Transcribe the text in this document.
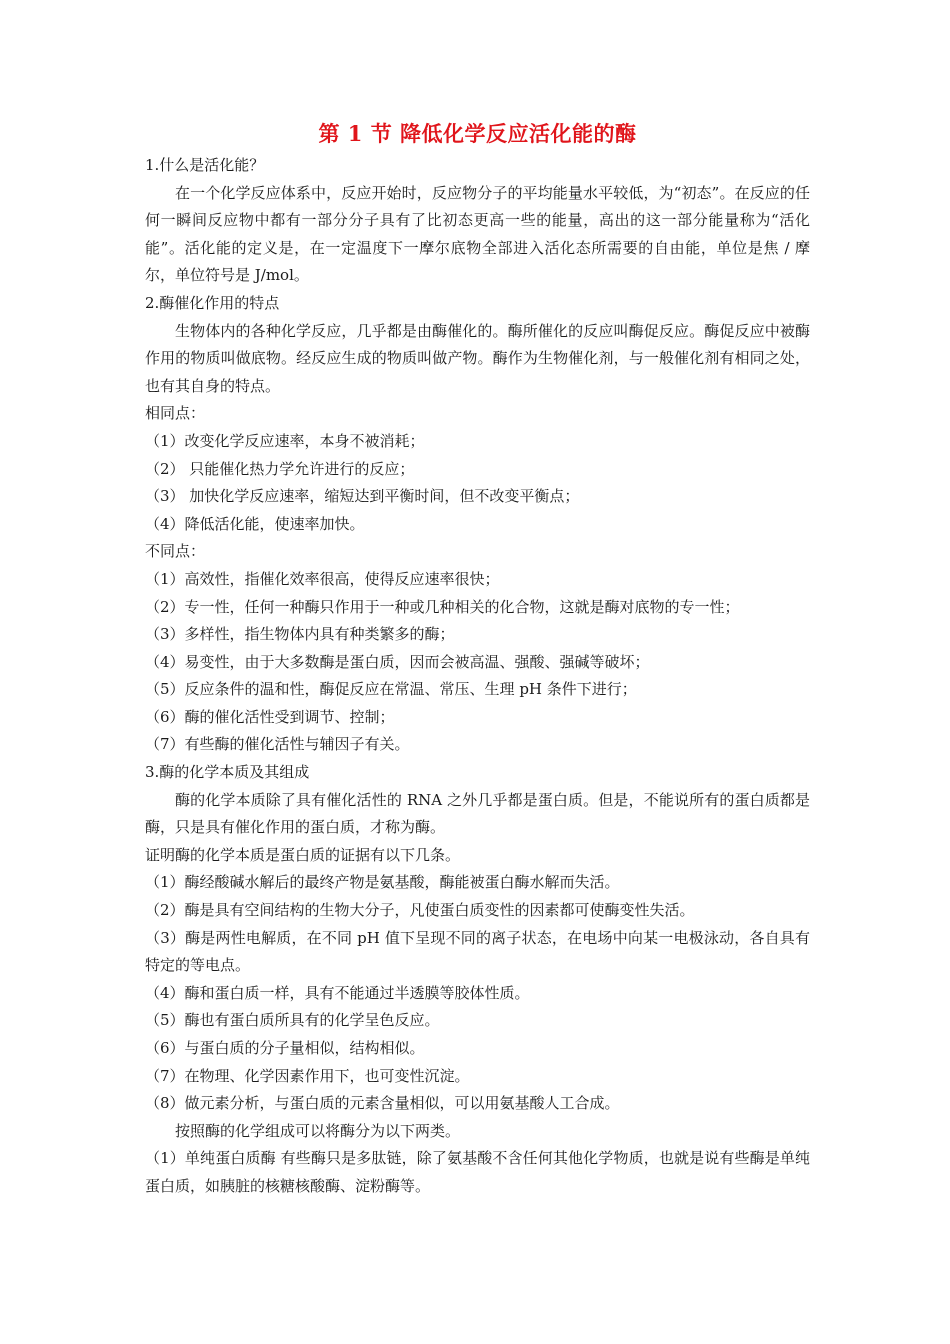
第 1 节 降低化学反应活化能的酶

1.什么是活化能？

在一个化学反应体系中，反应开始时，反应物分子的平均能量水平较低，为“初态”。在反应的任何一瞬间反应物中都有一部分分子具有了比初态更高一些的能量，高出的这一部分能量称为“活化能”。活化能的定义是，在一定温度下一摩尔底物全部进入活化态所需要的自由能，单位是焦 / 摩尔，单位符号是 J/mol。

2.酶催化作用的特点

生物体内的各种化学反应，几乎都是由酶催化的。酶所催化的反应叫酶促反应。酶促反应中被酶作用的物质叫做底物。经反应生成的物质叫做产物。酶作为生物催化剂，与一般催化剂有相同之处，也有其自身的特点。

相同点：

（1）改变化学反应速率，本身不被消耗；

（2） 只能催化热力学允许进行的反应；

（3） 加快化学反应速率，缩短达到平衡时间，但不改变平衡点；

（4）降低活化能，使速率加快。

不同点：

（1）高效性，指催化效率很高，使得反应速率很快；

（2）专一性，任何一种酶只作用于一种或几种相关的化合物，这就是酶对底物的专一性；

（3）多样性，指生物体内具有种类繁多的酶；

（4）易变性，由于大多数酶是蛋白质，因而会被高温、强酸、强碱等破坏；

（5）反应条件的温和性，酶促反应在常温、常压、生理 pH 条件下进行；

（6）酶的催化活性受到调节、控制；

（7）有些酶的催化活性与辅因子有关。

3.酶的化学本质及其组成

酶的化学本质除了具有催化活性的 RNA 之外几乎都是蛋白质。但是，不能说所有的蛋白质都是酶，只是具有催化作用的蛋白质，才称为酶。

证明酶的化学本质是蛋白质的证据有以下几条。

（1）酶经酸碱水解后的最终产物是氨基酸，酶能被蛋白酶水解而失活。

（2）酶是具有空间结构的生物大分子，凡使蛋白质变性的因素都可使酶变性失活。

（3）酶是两性电解质，在不同 pH 值下呈现不同的离子状态，在电场中向某一电极泳动，各自具有特定的等电点。

（4）酶和蛋白质一样，具有不能通过半透膜等胶体性质。

（5）酶也有蛋白质所具有的化学呈色反应。

（6）与蛋白质的分子量相似，结构相似。

（7）在物理、化学因素作用下，也可变性沉淀。

（8）做元素分析，与蛋白质的元素含量相似，可以用氨基酸人工合成。

按照酶的化学组成可以将酶分为以下两类。

（1）单纯蛋白质酶 有些酶只是多肽链，除了氨基酸不含任何其他化学物质，也就是说有些酶是单纯蛋白质，如胰脏的核糖核酸酶、淀粉酶等。
